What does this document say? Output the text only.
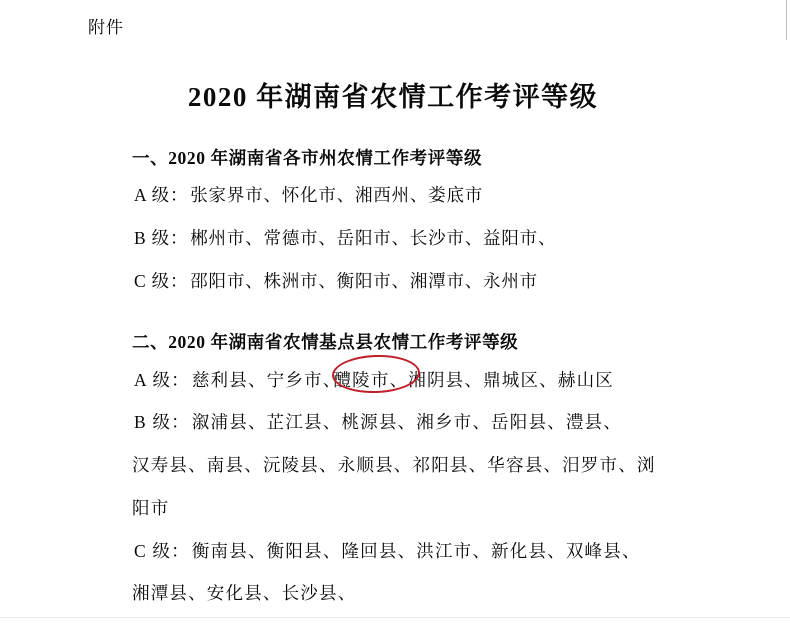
附件
2020 年湖南省农情工作考评等级
一、2020 年湖南省各市州农情工作考评等级
A 级： 张家界市、怀化市、湘西州、娄底市
B 级： 郴州市、常德市、岳阳市、长沙市、益阳市、
C 级： 邵阳市、株洲市、衡阳市、湘潭市、永州市
二、2020 年湖南省农情基点县农情工作考评等级
A 级： 慈利县、宁乡市、
醴陵市、湘阴县、鼎城区、赫山区
B 级： 溆浦县、芷江县、桃源县、湘乡市、岳阳县、澧县、
汉寿县、南县、沅陵县、永顺县、祁阳县、华容县、汨罗市、浏
阳市
C 级： 衡南县、衡阳县、隆回县、洪江市、新化县、双峰县、
湘潭县、安化县、长沙县、
